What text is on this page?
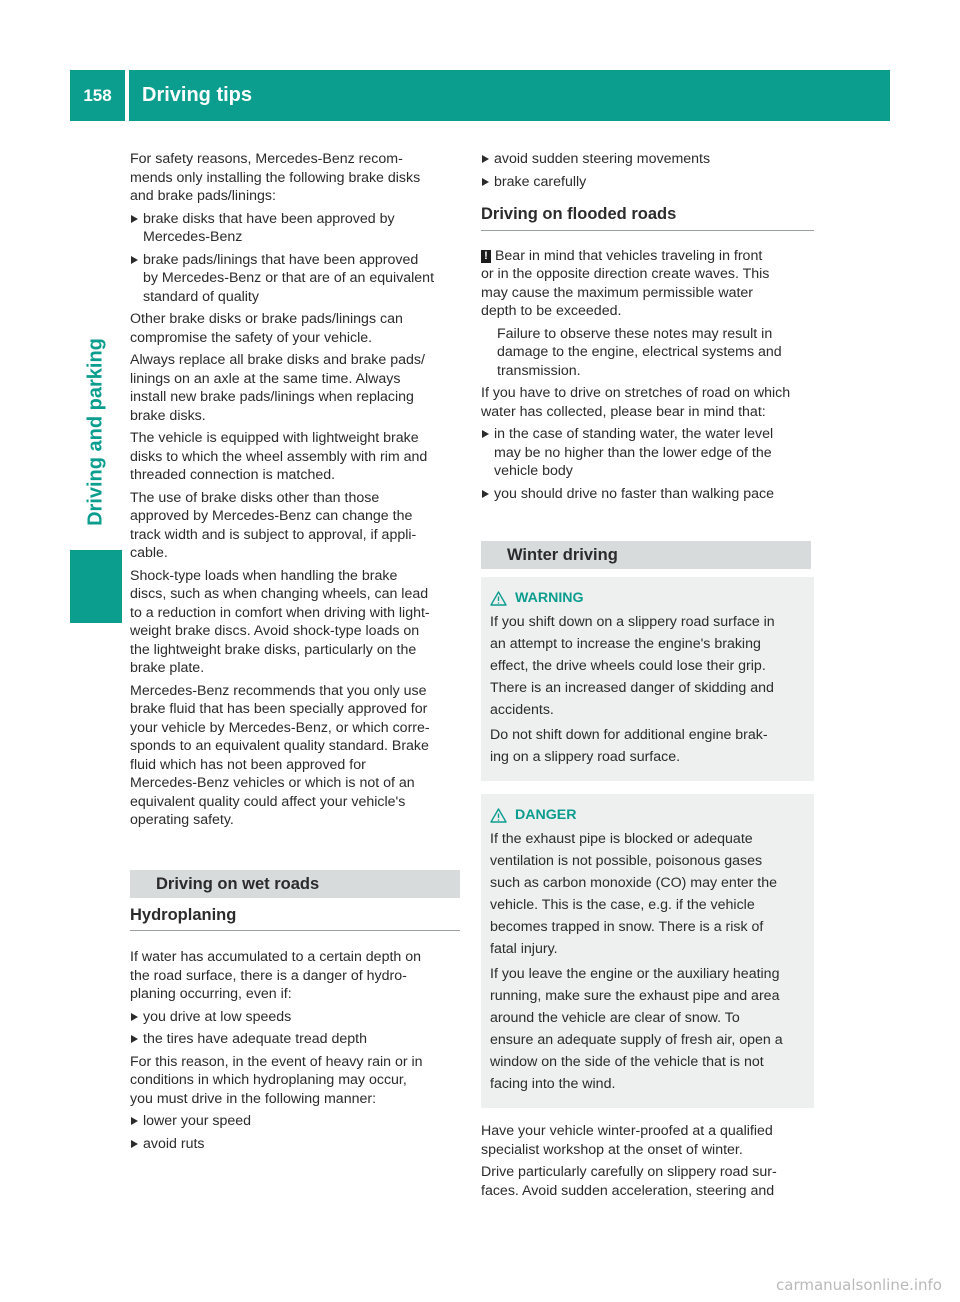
158	Driving tips
Driving and parking

For safety reasons, Mercedes-Benz recom-
mends only installing the following brake disks
and brake pads/linings:

brake disks that have been approved by
Mercedes-Benz
brake pads/linings that have been approved
by Mercedes-Benz or that are of an equivalent
standard of quality

Other brake disks or brake pads/linings can
compromise the safety of your vehicle.

Always replace all brake disks and brake pads/
linings on an axle at the same time. Always
install new brake pads/linings when replacing
brake disks.

The vehicle is equipped with lightweight brake
disks to which the wheel assembly with rim and
threaded connection is matched.

The use of brake disks other than those
approved by Mercedes-Benz can change the
track width and is subject to approval, if appli-
cable.

Shock-type loads when handling the brake
discs, such as when changing wheels, can lead
to a reduction in comfort when driving with light-
weight brake discs. Avoid shock-type loads on
the lightweight brake disks, particularly on the
brake plate.

Mercedes-Benz recommends that you only use
brake fluid that has been specially approved for
your vehicle by Mercedes-Benz, or which corre-
sponds to an equivalent quality standard. Brake
fluid which has not been approved for
Mercedes-Benz vehicles or which is not of an
equivalent quality could affect your vehicle's
operating safety.

Driving on wet roads
Hydroplaning

If water has accumulated to a certain depth on
the road surface, there is a danger of hydro-
planing occurring, even if:

you drive at low speeds
the tires have adequate tread depth

For this reason, in the event of heavy rain or in
conditions in which hydroplaning may occur,
you must drive in the following manner:

lower your speed
avoid ruts
avoid sudden steering movements
brake carefully
Driving on flooded roads

! Bear in mind that vehicles traveling in front
or in the opposite direction create waves. This
may cause the maximum permissible water
depth to be exceeded.

Failure to observe these notes may result in
damage to the engine, electrical systems and
transmission.

If you have to drive on stretches of road on which
water has collected, please bear in mind that:

in the case of standing water, the water level
may be no higher than the lower edge of the
vehicle body
you should drive no faster than walking pace
Winter driving
WARNING

If you shift down on a slippery road surface in
an attempt to increase the engine's braking
effect, the drive wheels could lose their grip.
There is an increased danger of skidding and
accidents.

Do not shift down for additional engine brak-
ing on a slippery road surface.

DANGER

If the exhaust pipe is blocked or adequate
ventilation is not possible, poisonous gases
such as carbon monoxide (CO) may enter the
vehicle. This is the case, e.g. if the vehicle
becomes trapped in snow. There is a risk of
fatal injury.

If you leave the engine or the auxiliary heating
running, make sure the exhaust pipe and area
around the vehicle are clear of snow. To
ensure an adequate supply of fresh air, open a
window on the side of the vehicle that is not
facing into the wind.

Have your vehicle winter-proofed at a qualified
specialist workshop at the onset of winter.

Drive particularly carefully on slippery road sur-
faces. Avoid sudden acceleration, steering and

carmanualsonline.info
